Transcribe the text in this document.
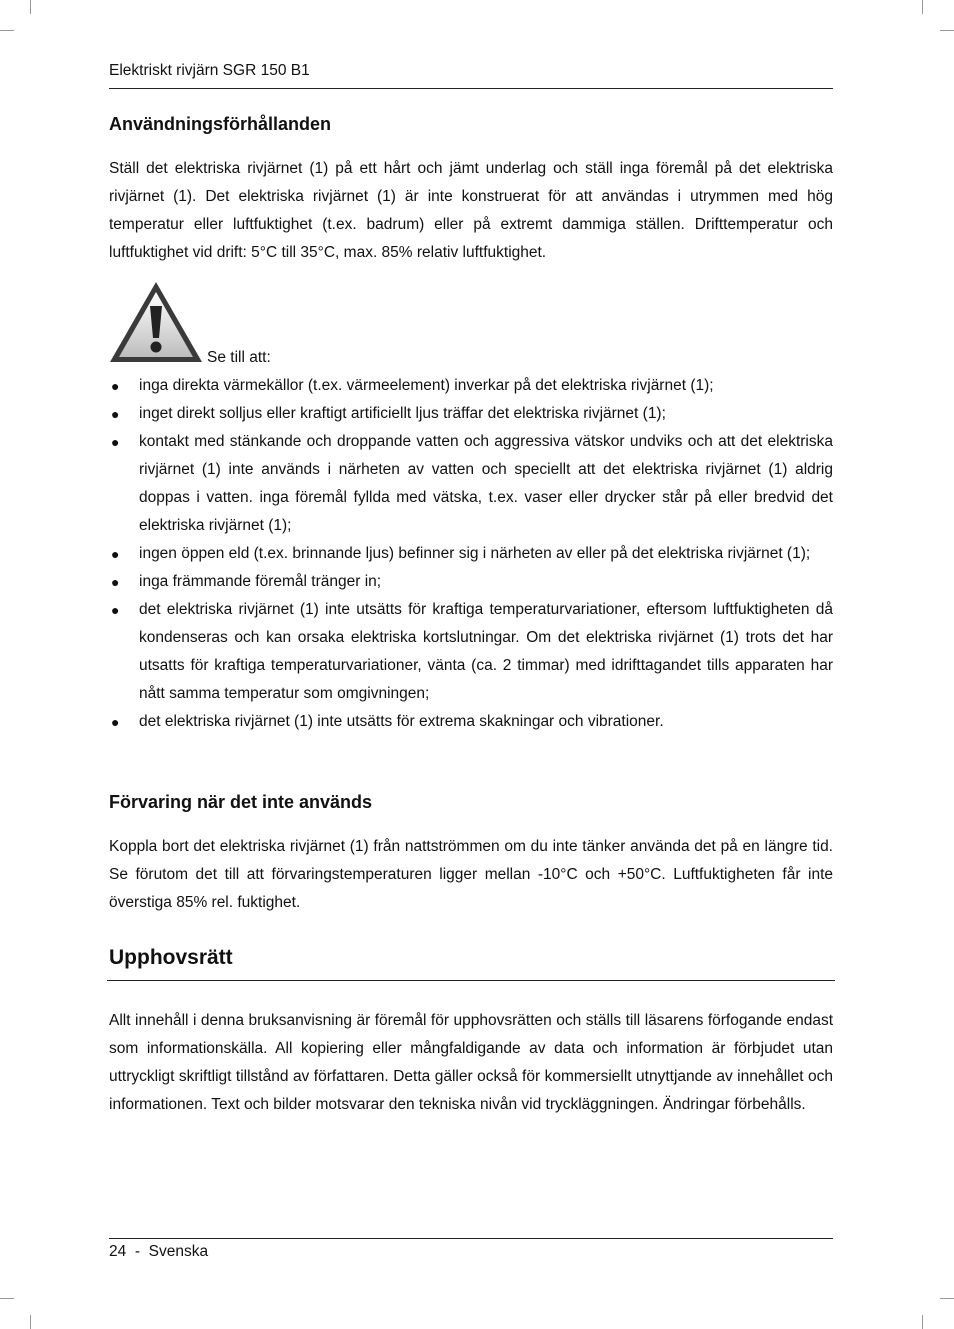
Elektriskt rivjärn SGR 150 B1
Användningsförhållanden

Ställ det elektriska rivjärnet (1) på ett hårt och jämt underlag och ställ inga föremål på det elektriska rivjärnet (1). Det elektriska rivjärnet (1) är inte konstruerat för att användas i utrymmen med hög temperatur eller luftfuktighet (t.ex. badrum) eller på extremt dammiga ställen. Drifttemperatur och luftfuktighet vid drift: 5°C till 35°C, max. 85% relativ luftfuktighet.

Se till att:
● inga direkta värmekällor (t.ex. värmeelement) inverkar på det elektriska rivjärnet (1);
● inget direkt solljus eller kraftigt artificiellt ljus träffar det elektriska rivjärnet (1);
● kontakt med stänkande och droppande vatten och aggressiva vätskor undviks och att det elektriska rivjärnet (1) inte används i närheten av vatten och speciellt att det elektriska rivjärnet (1) aldrig doppas i vatten. inga föremål fyllda med vätska, t.ex. vaser eller drycker står på eller bredvid det elektriska rivjärnet (1);
● ingen öppen eld (t.ex. brinnande ljus) befinner sig i närheten av eller på det elektriska rivjärnet (1);
● inga främmande föremål tränger in;
● det elektriska rivjärnet (1) inte utsätts för kraftiga temperaturvariationer, eftersom luftfuktigheten då kondenseras och kan orsaka elektriska kortslutningar. Om det elektriska rivjärnet (1) trots det har utsatts för kraftiga temperaturvariationer, vänta (ca. 2 timmar) med idrifttagandet tills apparaten har nått samma temperatur som omgivningen;
● det elektriska rivjärnet (1) inte utsätts för extrema skakningar och vibrationer.
Förvaring när det inte används

Koppla bort det elektriska rivjärnet (1) från nattströmmen om du inte tänker använda det på en längre tid. Se förutom det till att förvaringstemperaturen ligger mellan -10°C och +50°C. Luftfuktigheten får inte överstiga 85% rel. fuktighet.

Upphovsrätt

Allt innehåll i denna bruksanvisning är föremål för upphovsrätten och ställs till läsarens förfogande endast som informationskälla. All kopiering eller mångfaldigande av data och information är förbjudet utan uttryckligt skriftligt tillstånd av författaren. Detta gäller också för kommersiellt utnyttjande av innehållet och informationen. Text och bilder motsvarar den tekniska nivån vid tryckläggningen. Ändringar förbehålls.

24  -  Svenska
